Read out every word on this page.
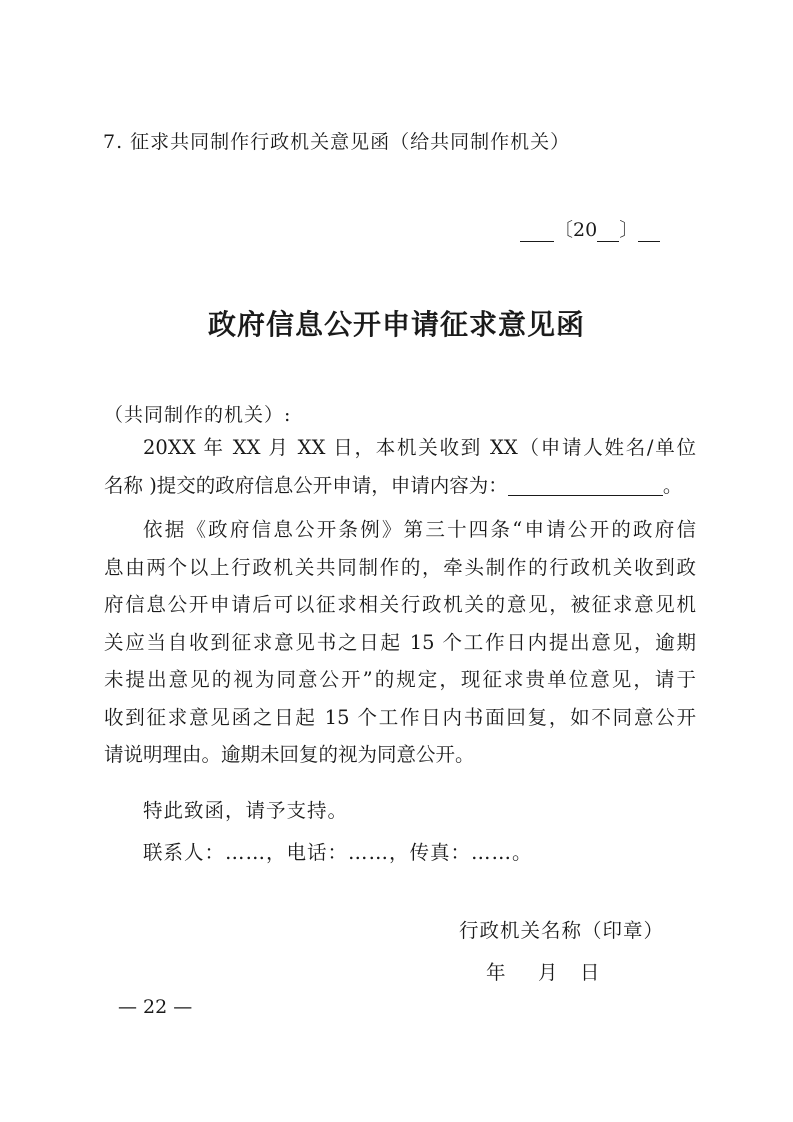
7. 征求共同制作行政机关意见函（给共同制作机关）
〔20 〕
政府信息公开申请征求意见函
（共同制作的机关）:
20XX 年 XX 月 XX 日，本机关收到 XX（申请人姓名/单位
名称 )提交的政府信息公开申请，申请内容为：	。
依据《政府信息公开条例》第三十四条“申请公开的政府信
息由两个以上行政机关共同制作的，牵头制作的行政机关收到政
府信息公开申请后可以征求相关行政机关的意见，被征求意见机
关应当自收到征求意见书之日起 15 个工作日内提出意见，逾期
未提出意见的视为同意公开”的规定，现征求贵单位意见，请于
收到征求意见函之日起 15 个工作日内书面回复，如不同意公开
请说明理由。逾期未回复的视为同意公开。
特此致函，请予支持。
联系人：……，电话：……，传真：……。
行政机关名称（印章）
年 月 日
— 22 —
